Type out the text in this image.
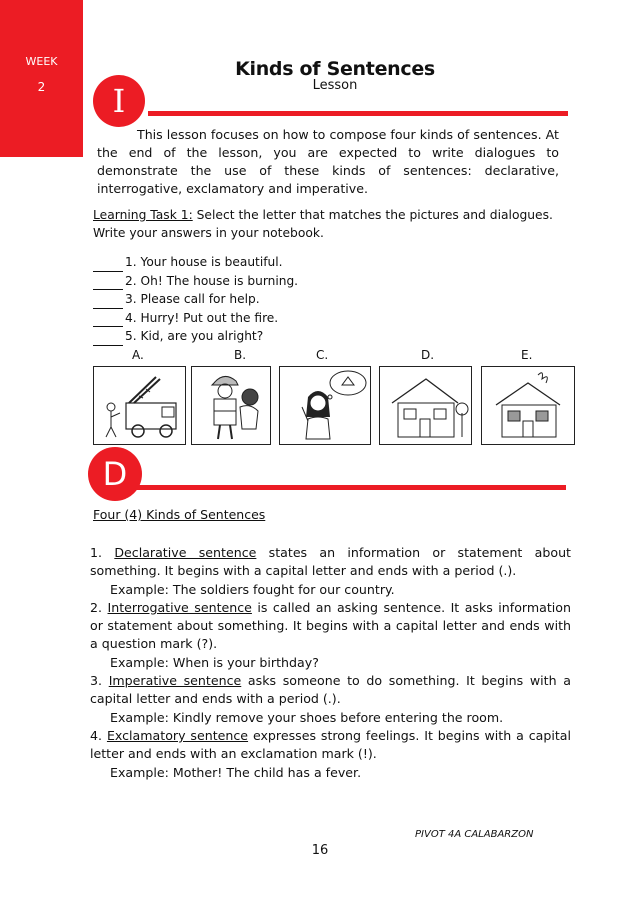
WEEK
2
Kinds of Sentences
Lesson
I
This lesson focuses on how to compose four kinds of sentences. At the end of the lesson, you are expected to write dialogues to demonstrate the use of these kinds of sentences: declarative, interrogative, exclamatory and imperative.
Learning Task 1: Select the letter that matches the pictures and dialogues. Write your answers in your notebook.
1. Your house is beautiful.
2. Oh! The house is burning.
3. Please call for help.
4. Hurry! Put out the fire.
5. Kid, are you alright?
A.	B.	C.	D.	E.
D
Four (4) Kinds of Sentences
1. Declarative sentence states an information or statement about something. It begins with a capital letter and ends with a period (.).
Example: The soldiers fought for our country.
2. Interrogative sentence is called an asking sentence. It asks information or statement about something. It begins with a capital letter and ends with a question mark (?).
Example: When is your birthday?
3. Imperative sentence asks someone to do something. It begins with a capital letter and ends with a period (.).
Example: Kindly remove your shoes before entering the room.
4. Exclamatory sentence expresses strong feelings. It begins with a capital letter and ends with an exclamation mark (!).
Example: Mother! The child has a fever.
PIVOT 4A CALABARZON
16
